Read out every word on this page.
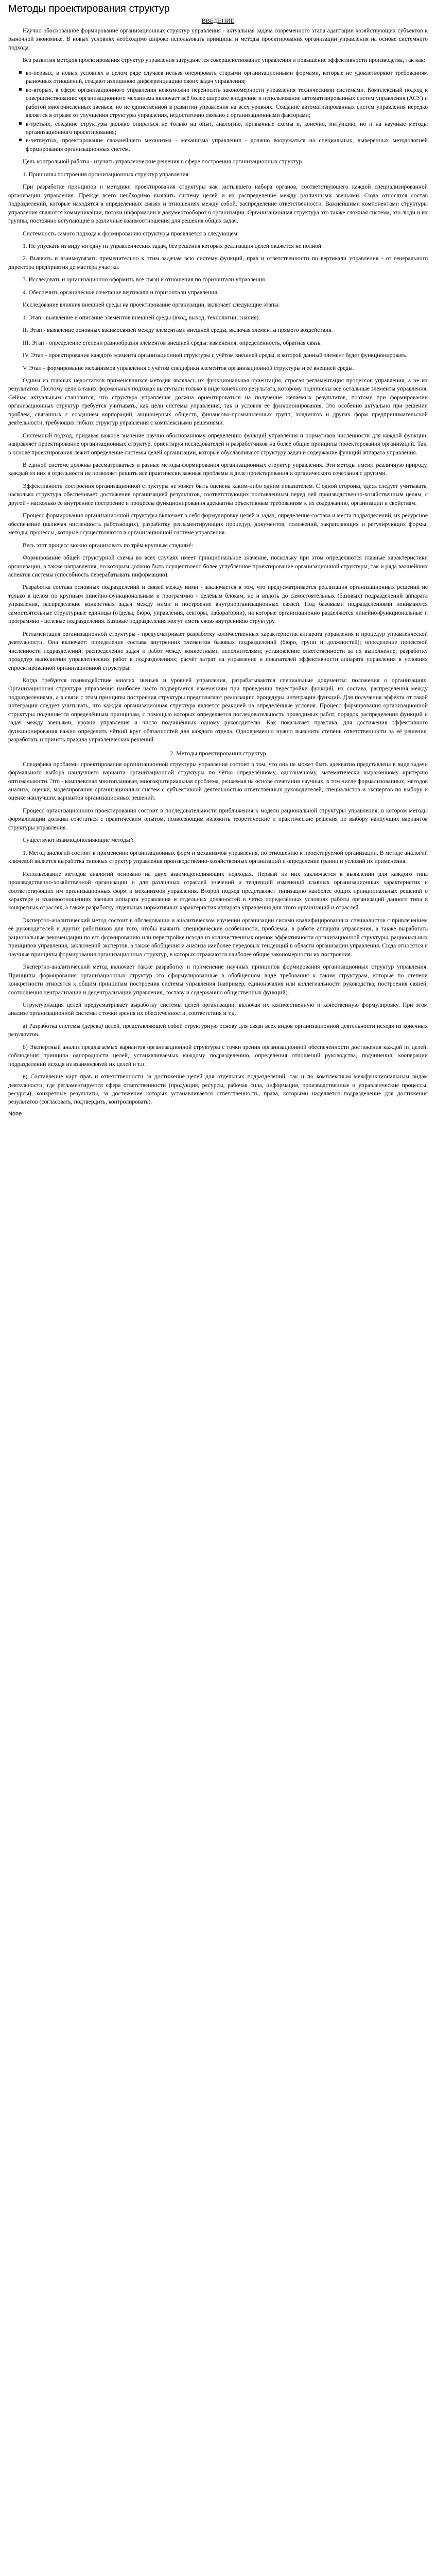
Методы проектирования структур
ВВЕДЕНИЕ

Научно обоснованное формирование организационных структур управления - актуальная задача современного этапа адаптации хозяйствующих субъектов к рыночной экономике. В новых условиях необходимо широко использовать принципы и методы проектирования организации управления на основе системного подхода.

Без развития методов проектирования структур управления затрудняется совершенствование управления и повышение эффективности производства, так как:

▪ во-первых, в новых условиях в целом ряде случаев нельзя оперировать старыми организационными формами, которые не удовлетворяют требованиям рыночных отношений, создают излишнюю дифференциацию своих задач управления;
▪ во-вторых, в сфере организационного управления невозможно переносить закономерности управления техническими системами. Комплексный подход к совершенствованию организационного механизма включает всё более широкое внедрение и использование автоматизированных систем управления (АСУ) и работой многочисленных звеньев, но не единственной в развитии управления на всех уровнях. Создание автоматизированных систем управления нередко является в отрыве от улучшения структуры управления, недостаточно связано с организационными факторами;
▪ в-третьих, создание структуры должно опираться не только на опыт, аналогию, привычные схемы и, конечно, интуицию, но и на научные методы организационного проектирования;
▪ в-четвертых, проектирование сложнейшего механизма - механизма управления - должно вооружаться на специальных, выверенных методологией формирования организационных систем.

Цель контрольной работы - изучить управленческие решения в сфере построения организационных структур.

1. Принципы построения организационных структур управления

При разработке принципов и методики проектирования структуры как застывшего набора органов, соответствующего каждой специализированной организации управления. Прежде всего необходимо выявить систему целей и их распределение между различными звеньями. Сюда относятся состав подразделений, которые находятся в определённых связях и отношениях между собой, распределение ответственности. Важнейшими компонентами структуры управления являются коммуникации, потоки информации и документооборот в организации. Организационная структура это также сложная система, это люди и их группы, постоянно вступающие в различные взаимоотношения для решения общих задач.

Системность самого подхода к формированию структуры проявляется в следующем:

1. Не упускать из виду ни одну из управленческих задач, без решения которых реализация целей окажется не полной.

2. Выявить и взаимоувязать применительно к этим задачам всю систему функций, прав и ответственности по вертикали управления - от генерального директора предприятия до мастера участка.

3. Исследовать и организационно оформить все связи и отношения по горизонтали управления.

4. Обеспечить органическое сочетание вертикали и горизонтали управления.

Исследование влияния внешней среды на проектирование организации, включает следующие этапы:

1. Этап - выявление и описание элементов внешней среды (вход, выход, технологии, знания).

II. Этап - выявление основных взаимосвязей между элементами внешней среды, включая элементы прямого воздействия.

III. Этап - определение степени разнообразия элементов внешней среды: изменения, определенность, обратная связь.

IV. Этап - проектирование каждого элемента организационной структуры с учётом внешней среды, в которой данный элемент будет функционировать.

V. Этап - формирование механизмов управления с учётом специфики элементов организационной структуры и её внешней среды.

Одним из главных недостатков применявшихся методик являлась их функциональная ориентация, строгая регламентация процессов управления, а не их результатов. Поэтому цели в таких формальных подходах выступали только в виде конечного результата, которому подчинены все остальные элементы управления. Сейчас актуальным становится, что структура управления должна ориентироваться на получение желаемых результатов, поэтому при формировании организационных структур требуется учитывать, как цели системы управления, так и условия её функционирования. Это особенно актуально при решении проблем, связанных с созданием корпораций, акционерных обществ, финансово-промышленных групп, холдингов и других форм предпринимательской деятельности, требующих гибких структур управления с комплексными решениями.

Системный подход, придавая важное значение научно обоснованному определению функций управления и нормативов численности для каждой функции, направляет проектирование организационных структур, ориентируя исследователей и разработчиков на более общие принципы проектирования организаций. Так, в основе проектирования лежит определение системы целей организации, которые обуславливают структуру задач и содержание функций аппарата управления.

В единой системе должны рассматриваться и разные методы формирования организационных структур управления. Эти методы имеют различную природу, каждый из них в отдельности не позволяет решить все практически важные проблемы в деле проектирования и органического сочетания с другими.

Эффективность построения организационной структуры не может быть оценена каким-либо одним показателем. С одной стороны, здесь следует учитывать, насколько структура обеспечивает достижение организацией результатов, соответствующих поставленным перед ней производственно-хозяйственным целям, с другой - насколько её внутреннее построение и процессы функционирования адекватны объективным требованиям к их содержанию, организации и свойствам.

Процесс формирования организационной структуры включает в себя формулировку целей и задач, определение состава и места подразделений, их ресурсное обеспечение (включая численность работающих), разработку регламентирующих процедур, документов, положений, закрепляющих и регулирующих формы, методы, процессы, которые осуществляются в организационной системе управления.

Весь этот процесс можно организовать по трём крупным стадиям¹:

Формирование общей структурной схемы во всех случаях имеет принципиальное значение, поскольку при этом определяются главные характеристики организации, а также направления, по которым должно быть осуществлено более углублённое проектирование организационной структуры, так и ряда важнейших аспектов системы (способность перерабатывать информацию).

Разработка состава основных подразделений и связей между ними - заключается в том, что предусматривается реализация организационных решений не только в целом по крупным линейно-функциональным и программно - целевым блокам, но и вплоть до самостоятельных (базовых) подразделений аппарата управления, распределение конкретных задач между ними и построение внутриорганизационных связей. Под базовыми подразделениями понимаются самостоятельные структурные единицы (отделы, бюро, управления, секторы, лаборатории), на которые организационно разделяются линейно-функциональные и программно - целевые подразделения. Базовые подразделения могут иметь свою внутреннюю структуру.

Регламентация организационной структуры - предусматривает разработку количественных характеристик аппарата управления и процедур управленческой деятельности. Она включает: определение состава внутренних элементов базовых подразделений (бюро, групп и должностей); определение проектной численности подразделений; распределение задач и работ между конкретными исполнителями; установление ответственности за их выполнение; разработку процедур выполнения управленческих работ в подразделениях; расчёт затрат на управление и показателей эффективности аппарата управления в условиях спроектированной организационной структуры.

Когда требуется взаимодействие многих звеньев и уровней управления, разрабатываются специальные документы: положения о организациях. Организационная структура управления наиболее часто подвергается изменениям при проведении перестройки функций, их состава, распределения между подразделениями, а в связи с этим принципы построения структуры предполагают реализацию процедуры интеграции функций. Для получения эффекта от такой интеграции следует учитывать, что каждая организационная структура является реакцией на определённые условия. Процесс формирования организационной структуры подчиняется определённым принципам, с помощью которых определяется последовательность проводимых работ, порядок распределения функций и задач между звеньями, уровни управления и число подчинённых одному руководителю. Как показывает практика, для достижения эффективного функционирования важно определить чёткий круг обязанностей для каждого отдела. Одновременно нужно выяснить степень ответственности за её решение, разработать и принять правила управленческих решений.

2. Методы проектирования структур

Специфика проблемы проектирования организационной структуры управления состоит в том, что она не может быть адекватно представлена в виде задачи формального выбора наилучшего варианта организационной структуры по чётко определённому, однозначному, математически выраженному критерию оптимальности. Это - комплексная многоплановая, многокритериальная проблема, решаемая на основе сочетания научных, в том числе формализованных, методов анализа, оценки, моделирования организационных систем с субъективной деятельностью ответственных руководителей, специалистов и экспертов по выбору и оценке наилучших вариантов организационных решений.

Процесс организационного проектирования состоит в последовательности приближения к модели рациональной структуры управления, в котором методы формализации должны сочетаться с практическим опытом, позволяющим изложить теоретические и практические решения по выбору наилучших вариантов структуры управления.

Существуют взаимодополняющие методы²:

1. Метод аналогий состоит в применении организационных форм и механизмов управления, по отношению к проектируемой организации. В методе аналогий ключевой является выработка типовых структур управления производственно-хозяйственных организаций и определение границ и условий их применения.

Использование методов аналогий основано на двух взаимодополняющих подходах. Первый из них заключается в выявлении для каждого типа производственно-хозяйственной организации и для различных отраслей значений и тенденций изменений главных организационных характеристик и соответствующих им организационных форм и механизмов управления. Второй подход представляет типизацию наиболее общих принципиальных решений о характере и взаимоотношениях звеньев аппарата управления и отдельных должностей в четко определённых условиях работы организаций данного типа в конкретных отраслях, а также разработку отдельных нормативных характеристик аппарата управления для этого организаций и отраслей.

Экспертно-аналитический метод состоит в обследовании и аналитическом изучении организации силами квалифицированных специалистов с привлечением её руководителей и других работников для того, чтобы выявить специфические особенности, проблемы, в работе аппарата управления, а также выработать рациональные рекомендации по его формированию или перестройке исходя из количественных оценок эффективности организационной структуры, рациональных принципов управления, заключений экспертов, а также обобщения и анализа наиболее передовых тенденций в области организации управления. Сюда относятся и научные принципы формирования организационных структур, в которых отражаются наиболее общие закономерности их построения.

Экспертно-аналитический метод включает также разработку и применение научных принципов формирования организационных структур управления. Принципы формирования организационных структур это сформулированные в обобщённом виде требования к таким структурам, которые по степени конкретности относятся к общим принципам построения системы управления (например, единоначалия или коллегиальности руководства, построения связей, соотношения централизации и децентрализации управления, составу и содержанию общественных функций).

Структуризация целей предусматривает выработку системы целей организации, включая их количественную и качественную формулировку. При этом анализе организационной системы с точки зрения их обеспеченности, соответствия и т.д.

а) Разработка системы (дерева) целей, представляющей собой структурную основу для связи всех видов организационной деятельности исходя из конечных результатов.

б) Экспертный анализ предлагаемых вариантов организационной структуры с точки зрения организационной обеспеченности достижения каждой из целей, соблюдения принципа однородности целей, устанавливаемых каждому подразделению, определения отношений руководства, подчинения, кооперации подразделений исходя из взаимосвязей их целей и т.п.

в) Составление карт прав и ответственности за достижение целей для отдельных подразделений, так и по комплексным межфункциональным видам деятельности, где регламентируется сфера ответственности (продукция, ресурсы, рабочая сила, информация, производственные и управленческие процессы, ресурсы), конкретные результаты, за достижение которых устанавливается ответственность, права, которыми наделяется подразделение для достижения результатов (согласовать, подтвердить, контролировать).

None
